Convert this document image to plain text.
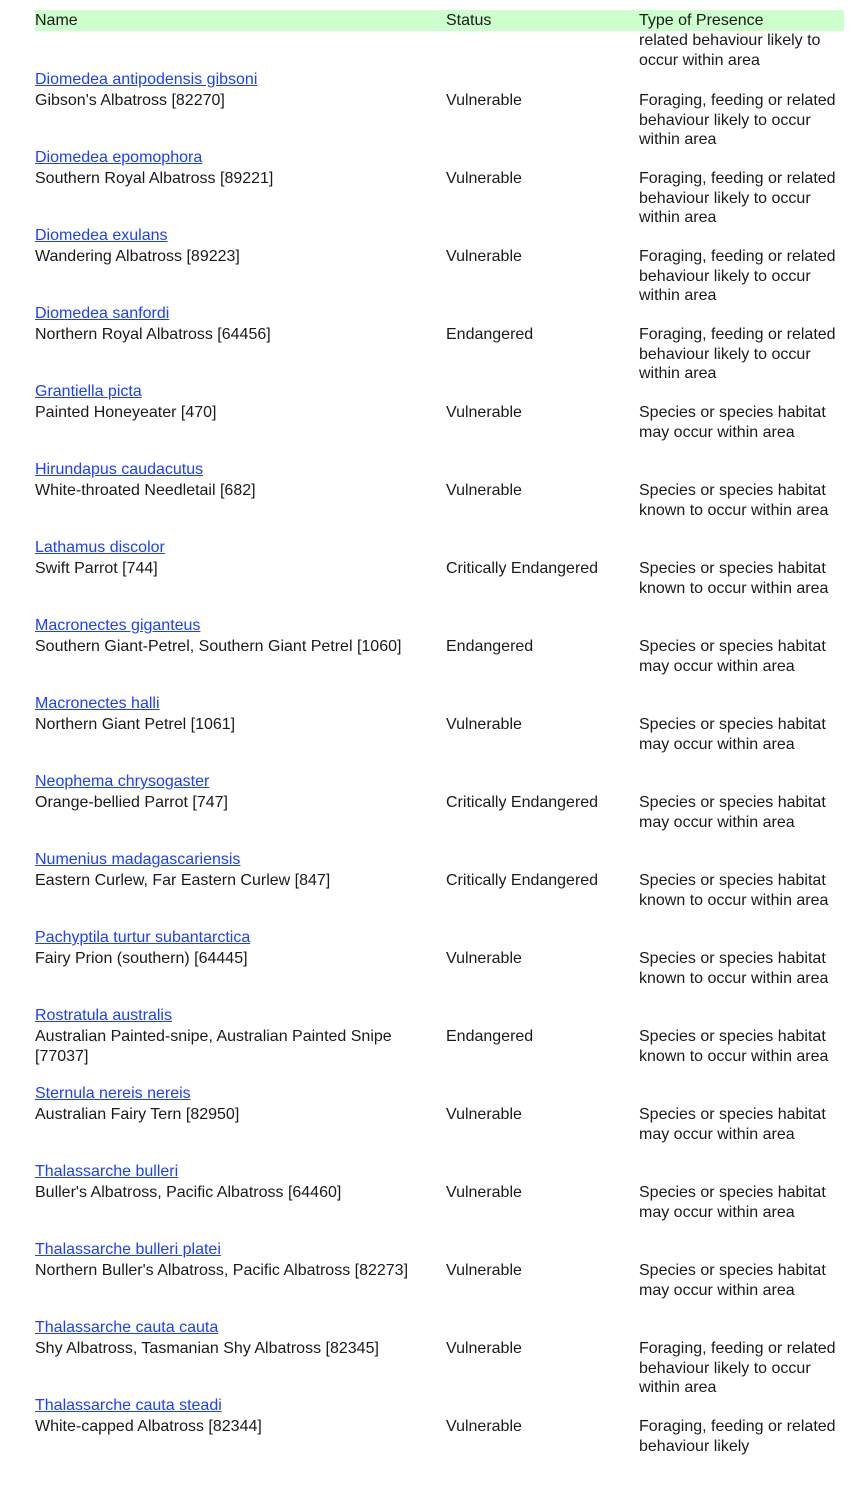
Name	Status	Type of Presence
related behaviour likely to occur within area
Diomedea antipodensis gibsoni
Gibson's Albatross [82270]	Vulnerable	Foraging, feeding or related behaviour likely to occur within area
Diomedea epomophora
Southern Royal Albatross [89221]	Vulnerable	Foraging, feeding or related behaviour likely to occur within area
Diomedea exulans
Wandering Albatross [89223]	Vulnerable	Foraging, feeding or related behaviour likely to occur within area
Diomedea sanfordi
Northern Royal Albatross [64456]	Endangered	Foraging, feeding or related behaviour likely to occur within area
Grantiella picta
Painted Honeyeater [470]	Vulnerable	Species or species habitat may occur within area
Hirundapus caudacutus
White-throated Needletail [682]	Vulnerable	Species or species habitat known to occur within area
Lathamus discolor
Swift Parrot [744]	Critically Endangered	Species or species habitat known to occur within area
Macronectes giganteus
Southern Giant-Petrel, Southern Giant Petrel [1060]	Endangered	Species or species habitat may occur within area
Macronectes halli
Northern Giant Petrel [1061]	Vulnerable	Species or species habitat may occur within area
Neophema chrysogaster
Orange-bellied Parrot [747]	Critically Endangered	Species or species habitat may occur within area
Numenius madagascariensis
Eastern Curlew, Far Eastern Curlew [847]	Critically Endangered	Species or species habitat known to occur within area
Pachyptila turtur subantarctica
Fairy Prion (southern) [64445]	Vulnerable	Species or species habitat known to occur within area
Rostratula australis
Australian Painted-snipe, Australian Painted Snipe [77037]
Endangered	Species or species habitat known to occur within area
Sternula nereis nereis
Australian Fairy Tern [82950]	Vulnerable	Species or species habitat may occur within area
Thalassarche bulleri
Buller's Albatross, Pacific Albatross [64460]	Vulnerable	Species or species habitat may occur within area
Thalassarche bulleri platei
Northern Buller's Albatross, Pacific Albatross [82273]	Vulnerable	Species or species habitat may occur within area
Thalassarche cauta cauta
Shy Albatross, Tasmanian Shy Albatross [82345]	Vulnerable	Foraging, feeding or related behaviour likely to occur within area
Thalassarche cauta steadi
White-capped Albatross [82344]	Vulnerable	Foraging, feeding or related behaviour likely
